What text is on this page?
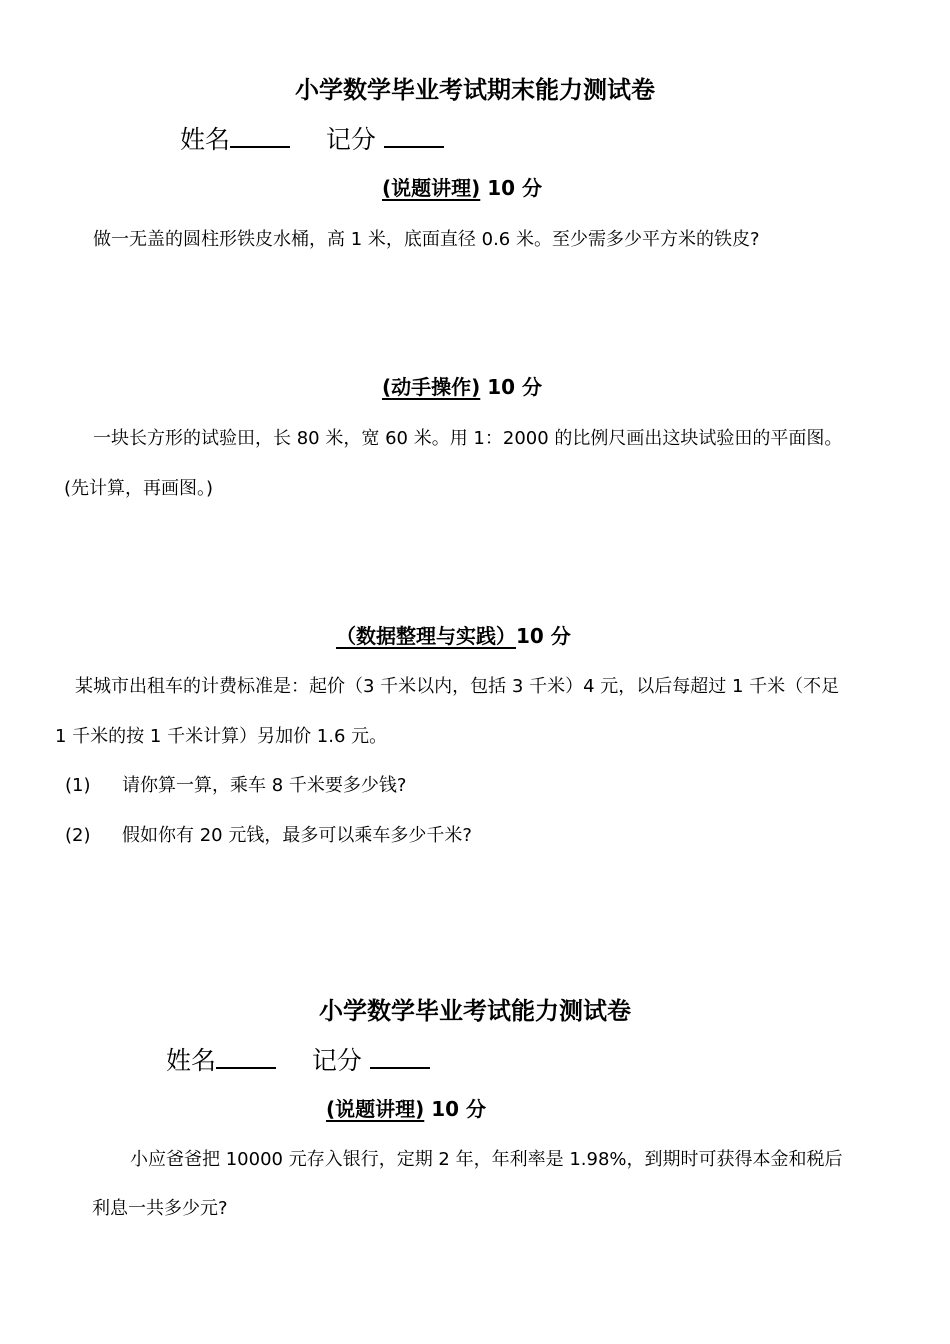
小学数学毕业考试期末能力测试卷
姓名	记分
(说题讲理) 10 分
做一无盖的圆柱形铁皮水桶，高 1 米，底面直径 0.6 米。至少需多少平方米的铁皮?
(动手操作) 10 分
一块长方形的试验田，长 80 米，宽 60 米。用 1：2000 的比例尺画出这块试验田的平面图。
(先计算，再画图。)
（数据整理与实践）10 分
某城市出租车的计费标准是：起价（3 千米以内，包括 3 千米）4 元，以后每超过 1 千米（不足
1 千米的按 1 千米计算）另加价 1.6 元。
(1) 请你算一算，乘车 8 千米要多少钱?
(2) 假如你有 20 元钱，最多可以乘车多少千米?
小学数学毕业考试能力测试卷
姓名	记分
(说题讲理) 10 分
小应爸爸把 10000 元存入银行，定期 2 年，年利率是 1.98%，到期时可获得本金和税后
利息一共多少元?
